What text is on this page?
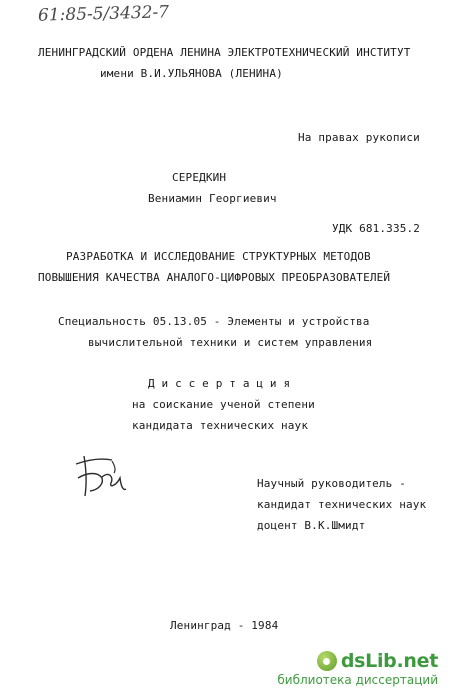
61:85-5/3432-7
ЛЕНИНГРАДСКИЙ ОРДЕНА ЛЕНИНА ЭЛЕКТРОТЕХНИЧЕСКИЙ ИНСТИТУТ
имени В.И.УЛЬЯНОВА (ЛЕНИНА)
На правах рукописи
СЕРЕДКИН
Вениамин Георгиевич
УДК 681.335.2
РАЗРАБОТКА И ИССЛЕДОВАНИЕ СТРУКТУРНЫХ МЕТОДОВ
ПОВЫШЕНИЯ КАЧЕСТВА АНАЛОГО-ЦИФРОВЫХ ПРЕОБРАЗОВАТЕЛЕЙ
Специальность 05.13.05 - Элементы и устройства
вычислительной техники и систем управления
Д и с с е р т а ц и я
на соискание ученой степени
кандидата технических наук
Научный руководитель -
кандидат технических наук
доцент В.К.Шмидт
Ленинград - 1984
dsLib.net
библиотека диссертаций
